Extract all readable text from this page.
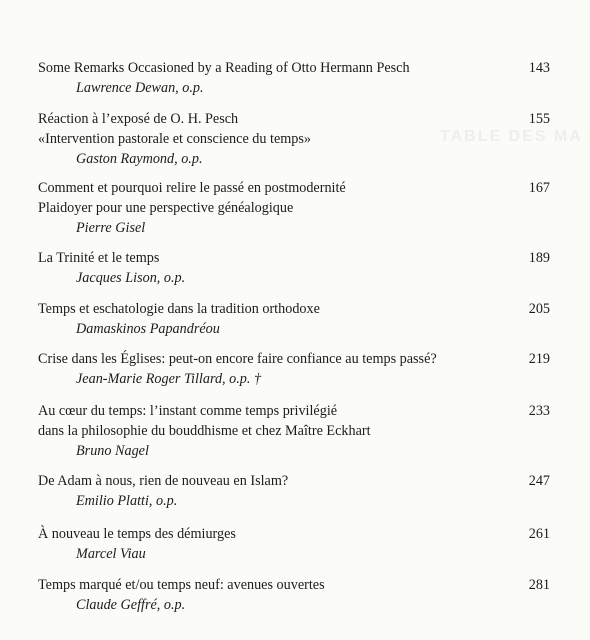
TABLE DES MA
Some Remarks Occasioned by a Reading of Otto Hermann Pesch
Lawrence Dewan, o.p.
143
Réaction à l’exposé de O. H. Pesch
«Intervention pastorale et conscience du temps»
Gaston Raymond, o.p.
155
Comment et pourquoi relire le passé en postmodernité
Plaidoyer pour une perspective généalogique
Pierre Gisel
167
La Trinité et le temps
Jacques Lison, o.p.
189
Temps et eschatologie dans la tradition orthodoxe
Damaskinos Papandréou
205
Crise dans les Églises: peut-on encore faire confiance au temps passé?
Jean-Marie Roger Tillard, o.p. †
219
Au cœur du temps: l’instant comme temps privilégié
dans la philosophie du bouddhisme et chez Maître Eckhart
Bruno Nagel
233
De Adam à nous, rien de nouveau en Islam?
Emilio Platti, o.p.
247
À nouveau le temps des démiurges
Marcel Viau
261
Temps marqué et/ou temps neuf: avenues ouvertes
Claude Geffré, o.p.
281
